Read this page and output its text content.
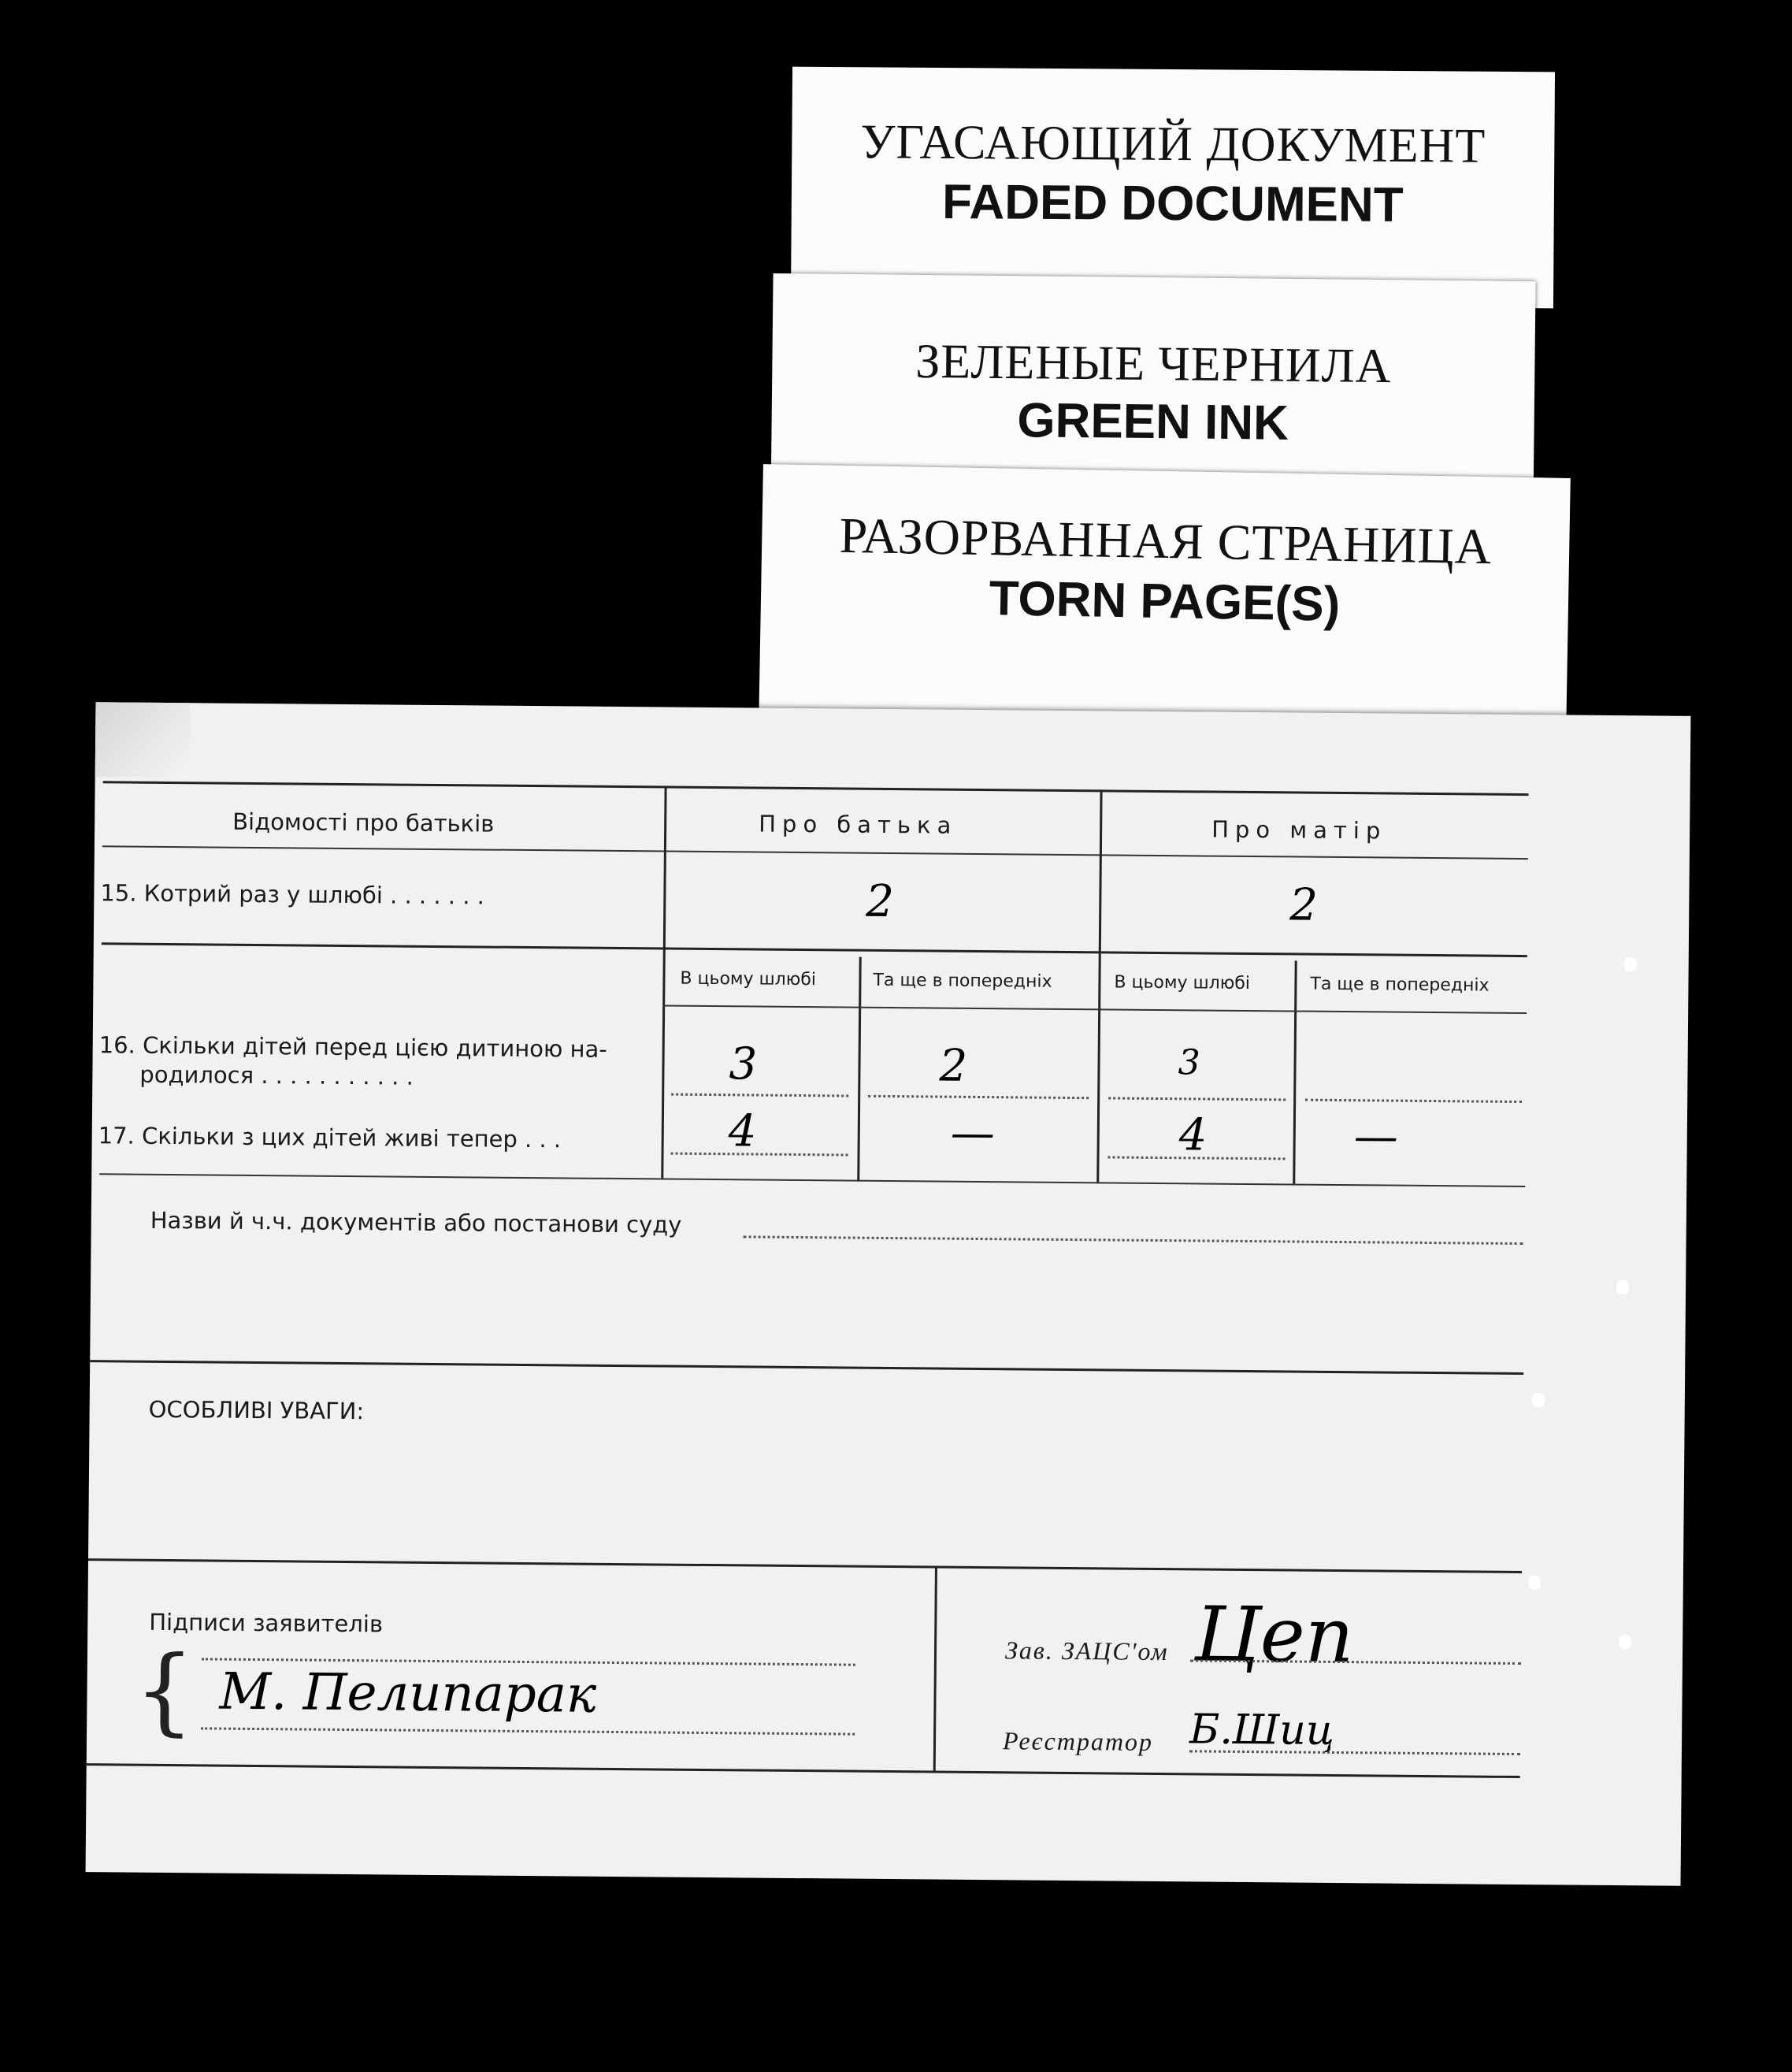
УГАСАЮЩИЙ ДОКУМЕНТ
FADED DOCUMENT
ЗЕЛЕНЫЕ ЧЕРНИЛА
GREEN INK
РАЗОРВАННАЯ СТРАНИЦА
TORN PAGE(S)
Відомості про батьків	Про батька	Про матір
15. Котрий раз у шлюбі . . . . . . .	2	2
В цьому шлюбі	Та ще в попередніх	В цьому шлюбі	Та ще в попередніх
16. Скільки дітей перед цією дитиною на-
родилося . . . . . . . . . . .	3	2	3
17. Скільки з цих дітей живі тепер . . .	4	—	4	—
Назви й ч.ч. документів або постанови суду
ОСОБЛИВІ УВАГИ:
Підписи заявителів
{ М. Пелипарак
Зав. ЗАЦС'ом Цеп
Реєстратор Б.Шиц
